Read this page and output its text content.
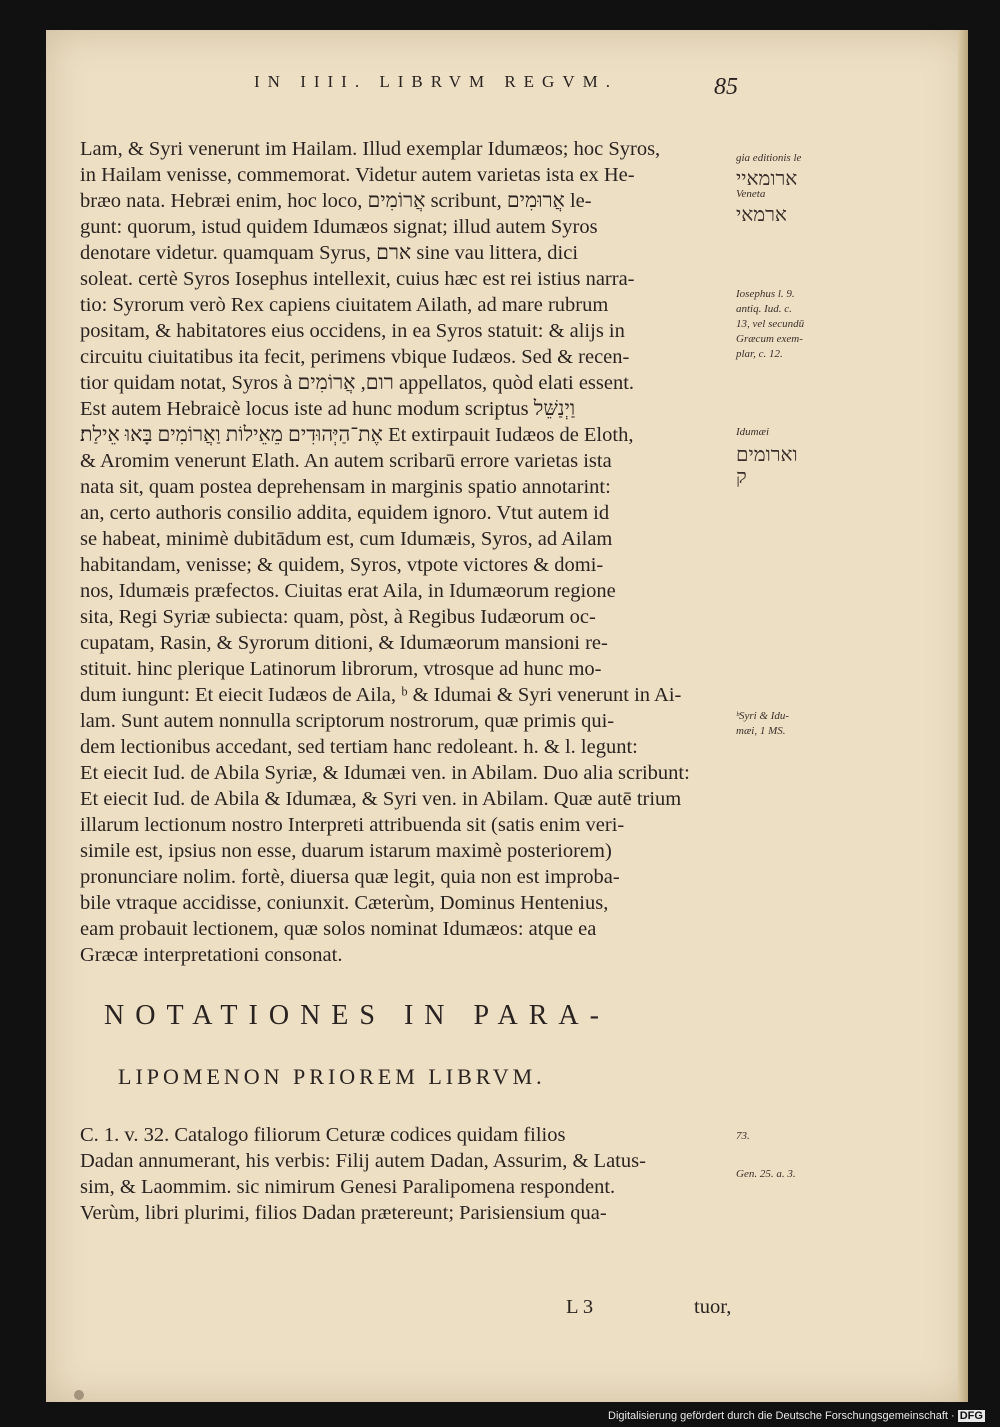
IN IIII. LIBRVM REGVM.	85
Lam, & Syri venerunt im Hailam. Illud exemplar Idumæos; hoc Syros,
in Hailam venisse, commemorat. Videtur autem varietas ista ex He-
bræo nata. Hebræi enim, hoc loco, אֲרוֹמִים scribunt, אֲרוּמִים le-
gunt: quorum, istud quidem Idumæos signat; illud autem Syros
denotare videtur. quamquam Syrus, ארם sine vau littera, dici
soleat. certè Syros Iosephus intellexit, cuius hæc est rei istius narra-
tio: Syrorum verò Rex capiens ciuitatem Ailath, ad mare rubrum
positam, & habitatores eius occidens, in ea Syros statuit: & alijs in
circuitu ciuitatibus ita fecit, perimens vbique Iudæos. Sed & recen-
tior quidam notat, Syros à רום, אֲרוֹמִים appellatos, quòd elati essent.
Est autem Hebraicè locus iste ad hunc modum scriptus וַיְנַשֵּׁל
אֶת־הַיְּהוּדִים מֵאֵילוֹת וַאֲרוֹמִים בָּאוּ אֵילַת׃ Et extirpauit Iudæos de Eloth,
& Aromim venerunt Elath. An autem scribarū errore varietas ista
nata sit, quam postea deprehensam in marginis spatio annotarint:
an, certo authoris consilio addita, equidem ignoro. Vtut autem id
se habeat, minimè dubitādum est, cum Idumæis, Syros, ad Ailam
habitandam, venisse; & quidem, Syros, vtpote victores & domi-
nos, Idumæis præfectos. Ciuitas erat Aila, in Idumæorum regione
sita, Regi Syriæ subiecta: quam, pòst, à Regibus Iudæorum oc-
cupatam, Rasin, & Syrorum ditioni, & Idumæorum mansioni re-
stituit. hinc plerique Latinorum librorum, vtrosque ad hunc mo-
dum iungunt: Et eiecit Iudæos de Aila, ᵇ & Idumai & Syri venerunt in Ai-
lam. Sunt autem nonnulla scriptorum nostrorum, quæ primis qui-
dem lectionibus accedant, sed tertiam hanc redoleant. h. & l. legunt:
Et eiecit Iud. de Abila Syriæ, & Idumæi ven. in Abilam. Duo alia scribunt:
Et eiecit Iud. de Abila & Idumæa, & Syri ven. in Abilam. Quæ autē trium
illarum lectionum nostro Interpreti attribuenda sit (satis enim veri-
simile est, ipsius non esse, duarum istarum maximè posteriorem)
pronunciare nolim. fortè, diuersa quæ legit, quia non est improba-
bile vtraque accidisse, coniunxit. Cæterùm, Dominus Hentenius,
eam probauit lectionem, quæ solos nominat Idumæos: atque ea
Græcæ interpretationi consonat.
gia editionis le
ארומאיי
Veneta
ארמאי
Iosephus l. 9.
antiq. Iud. c.
13, vel secundū
Græcum exem-
plar, c. 12.
Idumæi
וארומים
ק
ᵇSyri & Idu-
mæi, 1 MS.
73.
Gen. 25. a. 3.
NOTATIONES IN PARA-
LIPOMENON PRIOREM LIBRVM.
C. 1. v. 32. Catalogo filiorum Ceturæ codices quidam filios
Dadan annumerant, his verbis: Filij autem Dadan, Assurim, & Latus-
sim, & Laommim. sic nimirum Genesi Paralipomena respondent.
Verùm, libri plurimi, filios Dadan prætereunt; Parisiensium qua-
L 3	tuor,
Digitalisierung gefördert durch die Deutsche Forschungsgemeinschaft · DFG
